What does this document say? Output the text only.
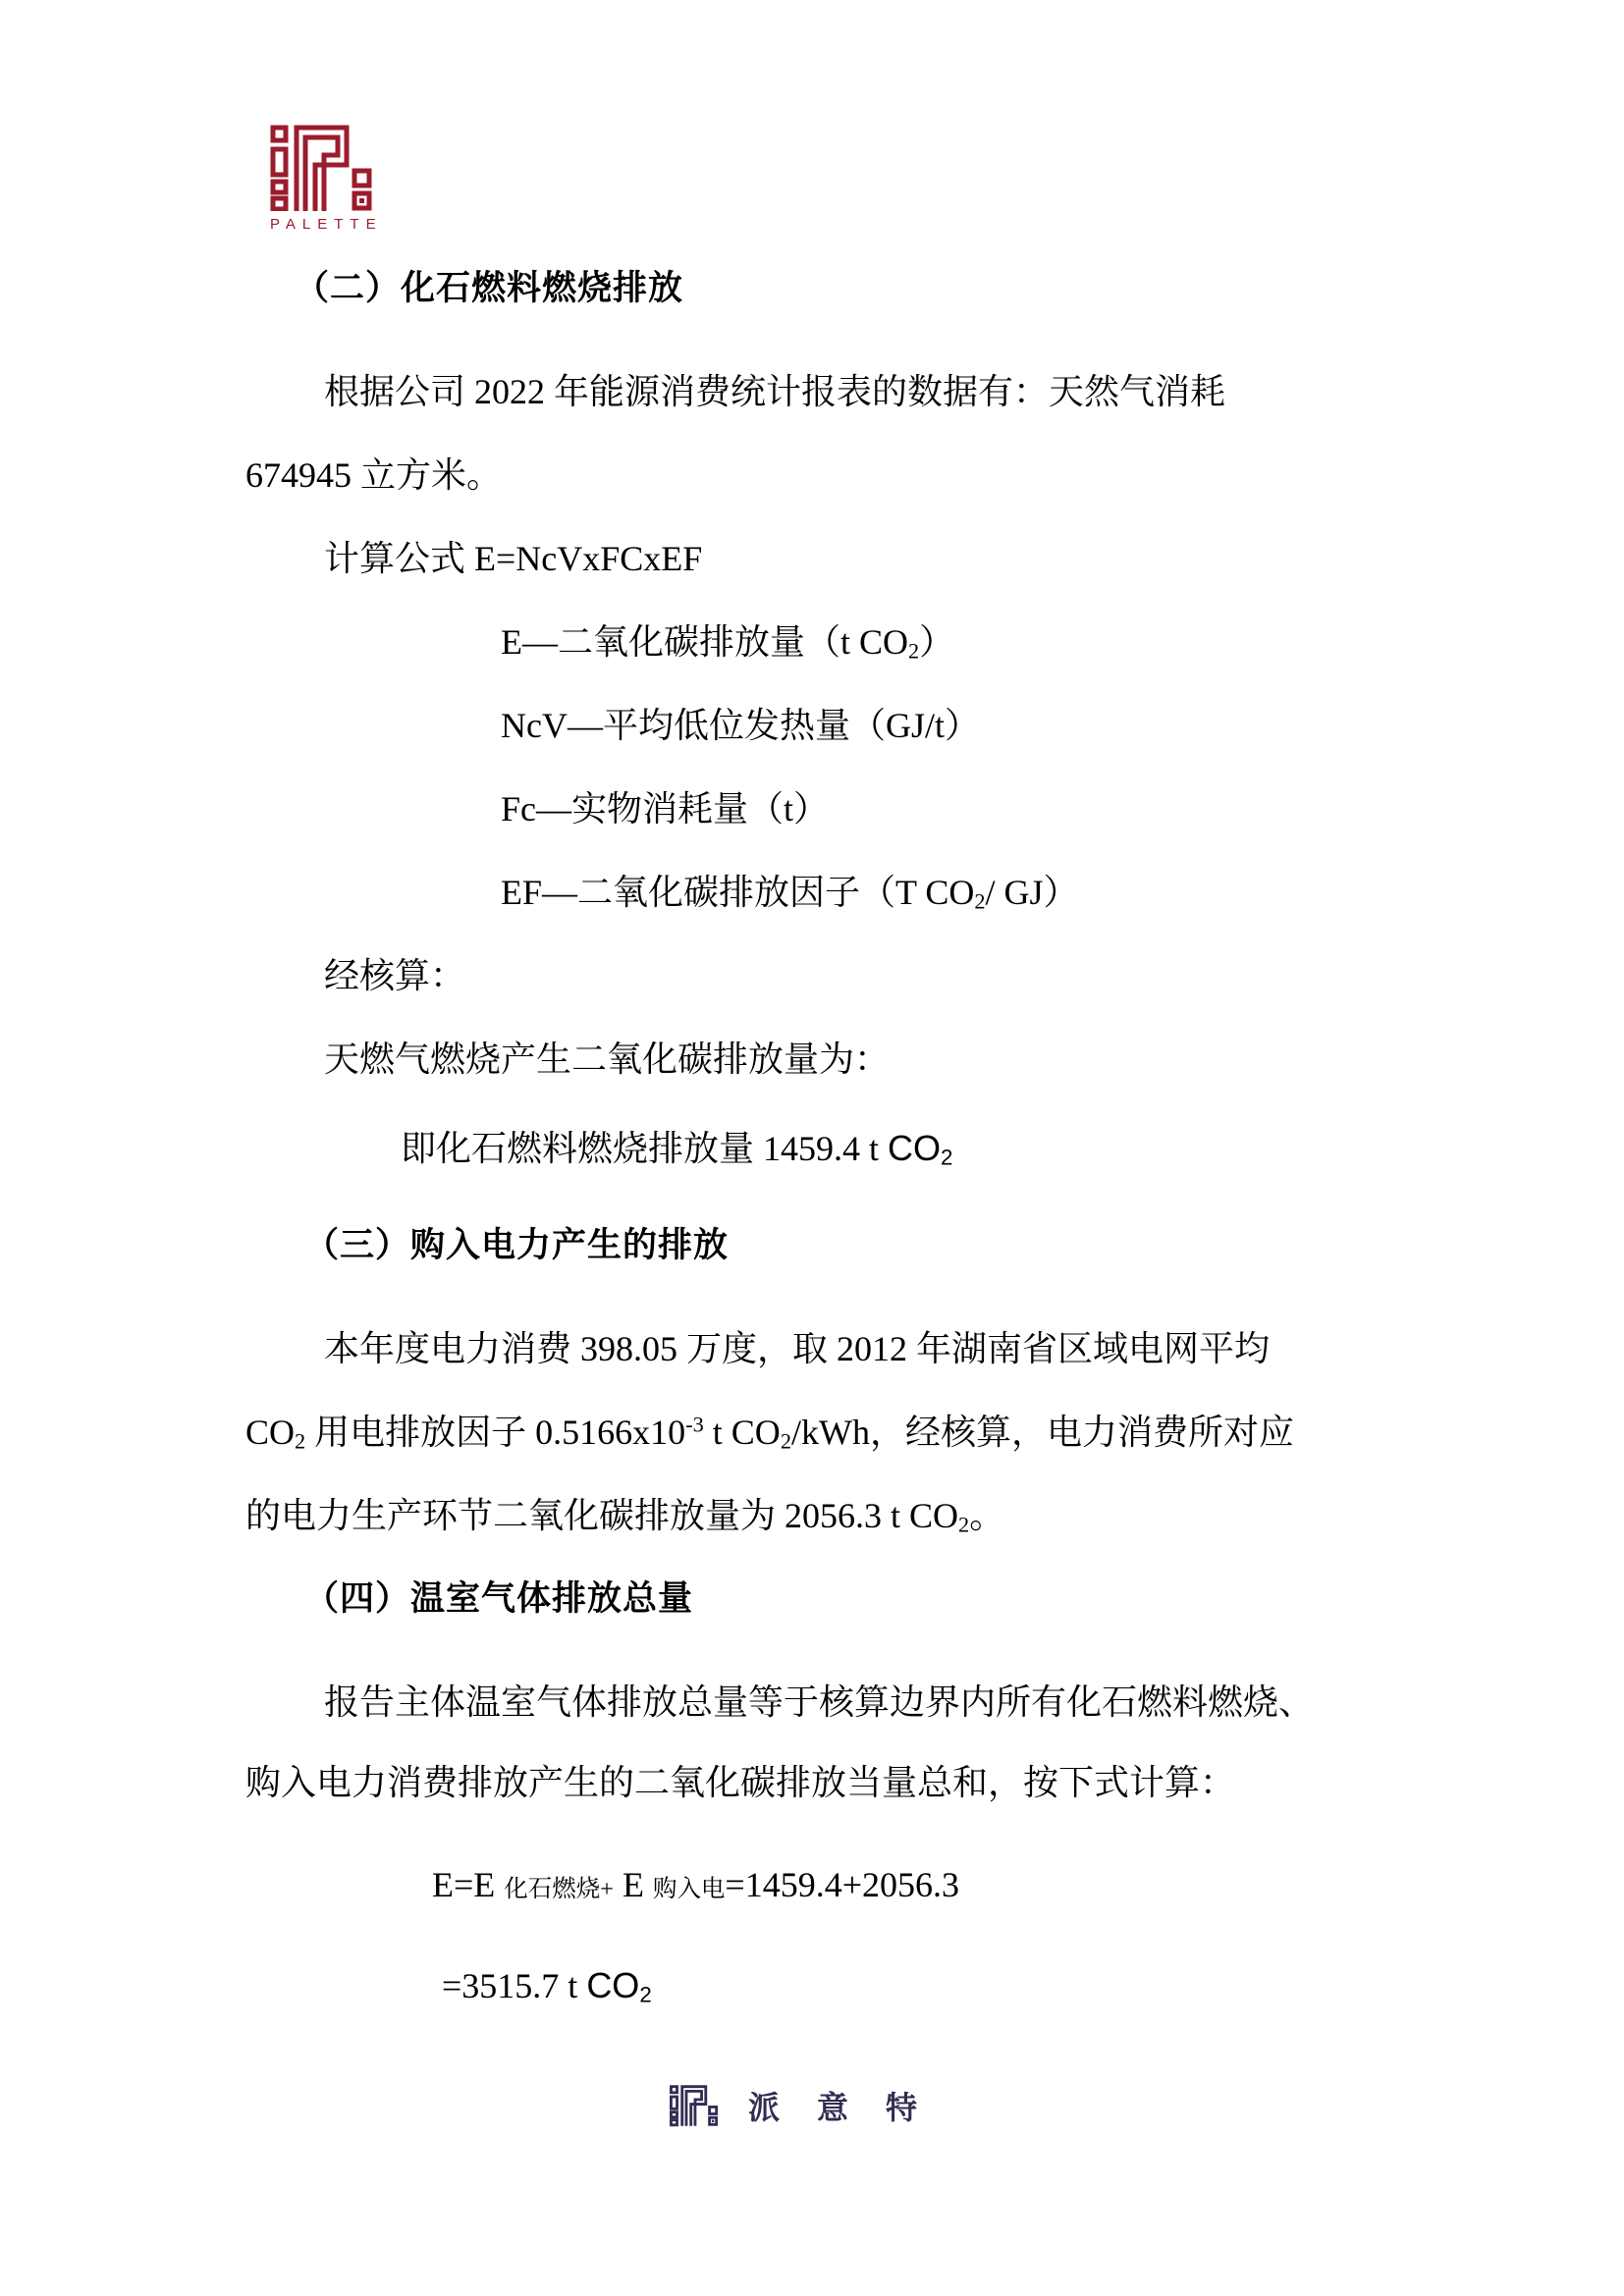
PALETTE
（二）化石燃料燃烧排放
根据公司 2022 年能源消费统计报表的数据有：天然气消耗
674945 立方米。
计算公式 E=NcVxFCxEF
E—二氧化碳排放量（t $CO_2$）
NcV—平均低位发热量（GJ/t）
Fc—实物消耗量（t）
EF—二氧化碳排放因子（T $CO_2/$ GJ）
经核算：
天燃气燃烧产生二氧化碳排放量为：
即化石燃料燃烧排放量 1459.4 t $CO_2$
（三）购入电力产生的排放
本年度电力消费 398.05 万度，取 2012 年湖南省区域电网平均
$CO_2$ 用电排放因子 $0.5166x10^{-3}$ t $CO_2$/kWh，经核算，电力消费所对应
的电力生产环节二氧化碳排放量为 2056.3 t $CO_2$。
（四）温室气体排放总量
报告主体温室气体排放总量等于核算边界内所有化石燃料燃烧、
购入电力消费排放产生的二氧化碳排放当量总和，按下式计算：
E=E 化石燃烧+ E 购入电=1459.4+2056.3
=3515.7 t $CO_2$
派意特
